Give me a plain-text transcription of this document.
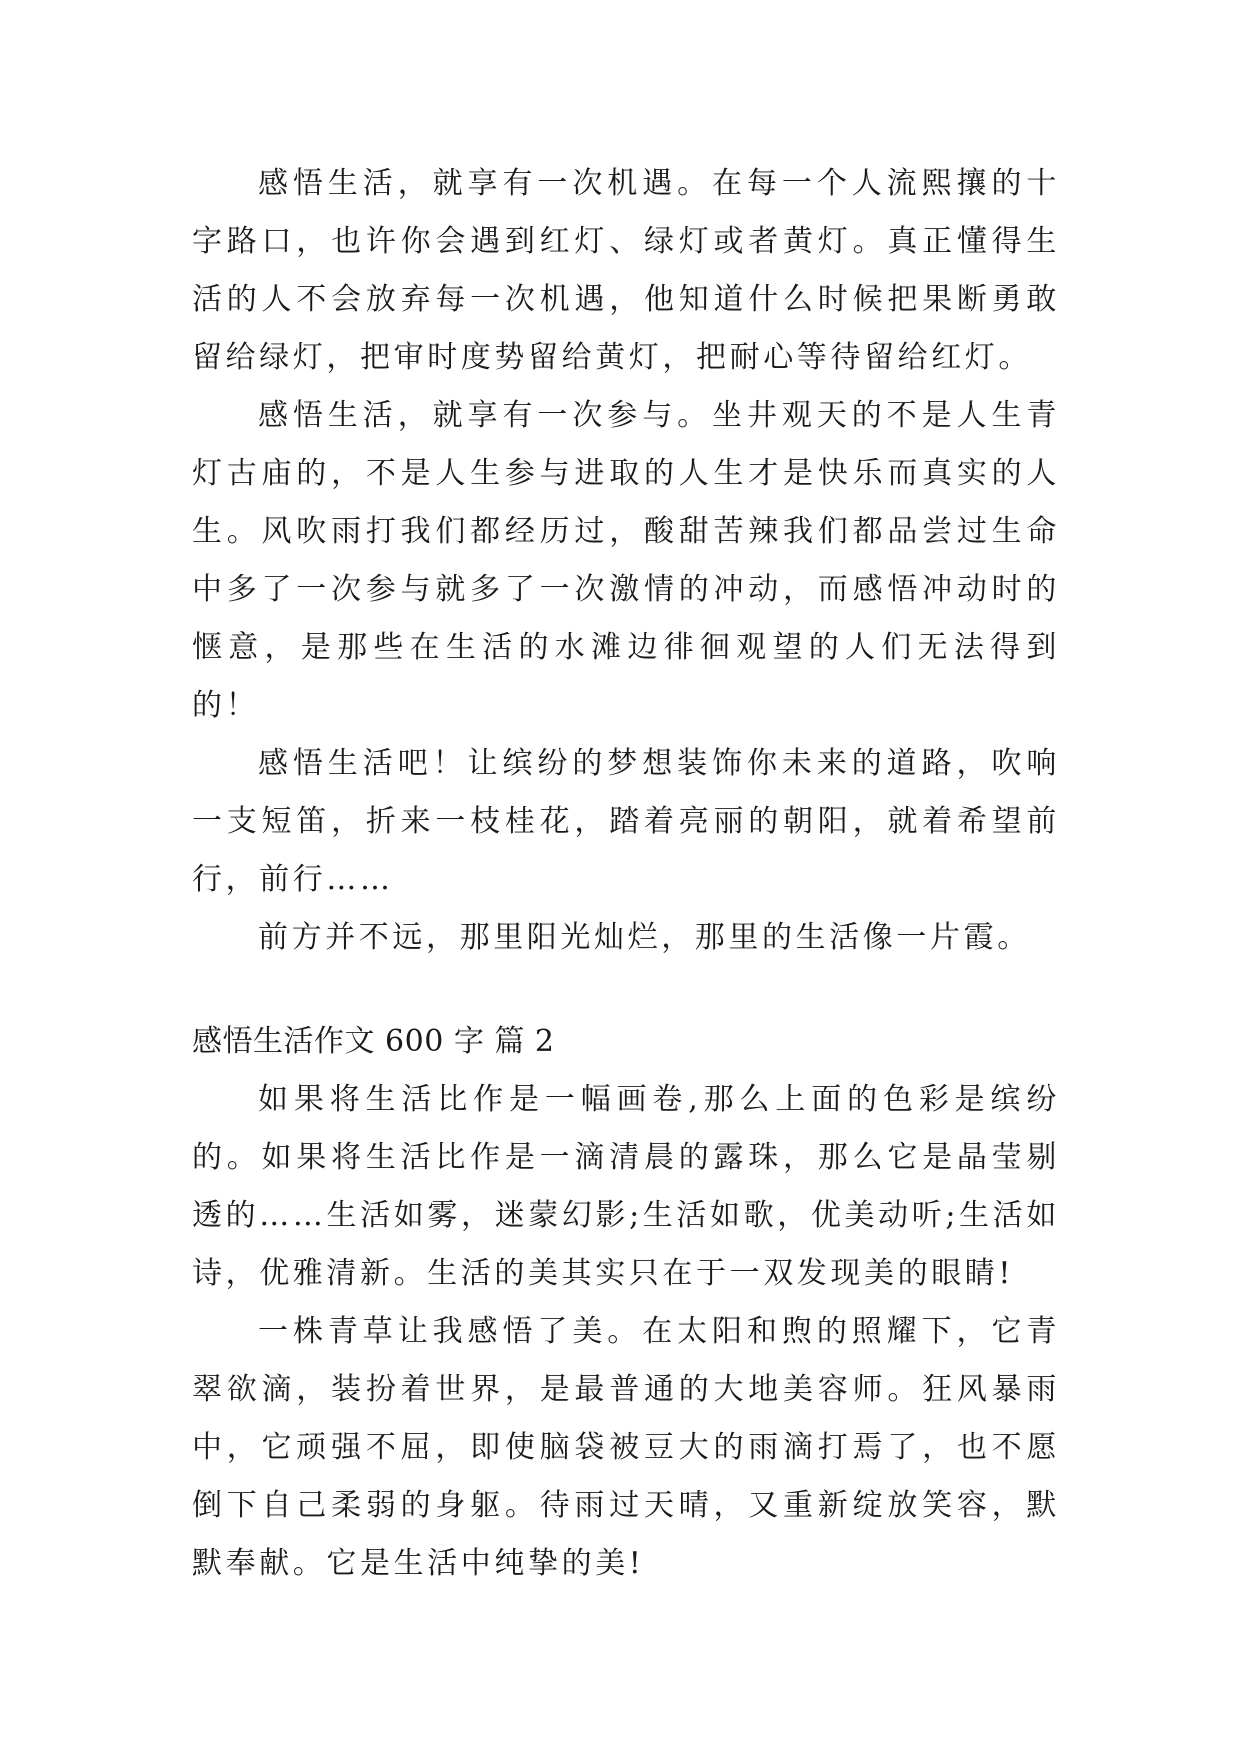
感悟生活，就享有一次机遇。在每一个人流熙攘的十字路口，也许你会遇到红灯、绿灯或者黄灯。真正懂得生活的人不会放弃每一次机遇，他知道什么时候把果断勇敢留给绿灯，把审时度势留给黄灯，把耐心等待留给红灯。

感悟生活，就享有一次参与。坐井观天的不是人生青灯古庙的，不是人生参与进取的人生才是快乐而真实的人生。风吹雨打我们都经历过，酸甜苦辣我们都品尝过生命中多了一次参与就多了一次激情的冲动，而感悟冲动时的惬意，是那些在生活的水滩边徘徊观望的人们无法得到的！

感悟生活吧！让缤纷的梦想装饰你未来的道路，吹响一支短笛，折来一枝桂花，踏着亮丽的朝阳，就着希望前行，前行……

前方并不远，那里阳光灿烂，那里的生活像一片霞。

感悟生活作文 600 字 篇 2

如果将生活比作是一幅画卷,那么上面的色彩是缤纷的。如果将生活比作是一滴清晨的露珠，那么它是晶莹剔透的……生活如雾，迷蒙幻影;生活如歌，优美动听;生活如诗，优雅清新。生活的美其实只在于一双发现美的眼睛!

一株青草让我感悟了美。在太阳和煦的照耀下，它青翠欲滴，装扮着世界，是最普通的大地美容师。狂风暴雨中，它顽强不屈，即使脑袋被豆大的雨滴打焉了，也不愿倒下自己柔弱的身躯。待雨过天晴，又重新绽放笑容，默默奉献。它是生活中纯挚的美!
